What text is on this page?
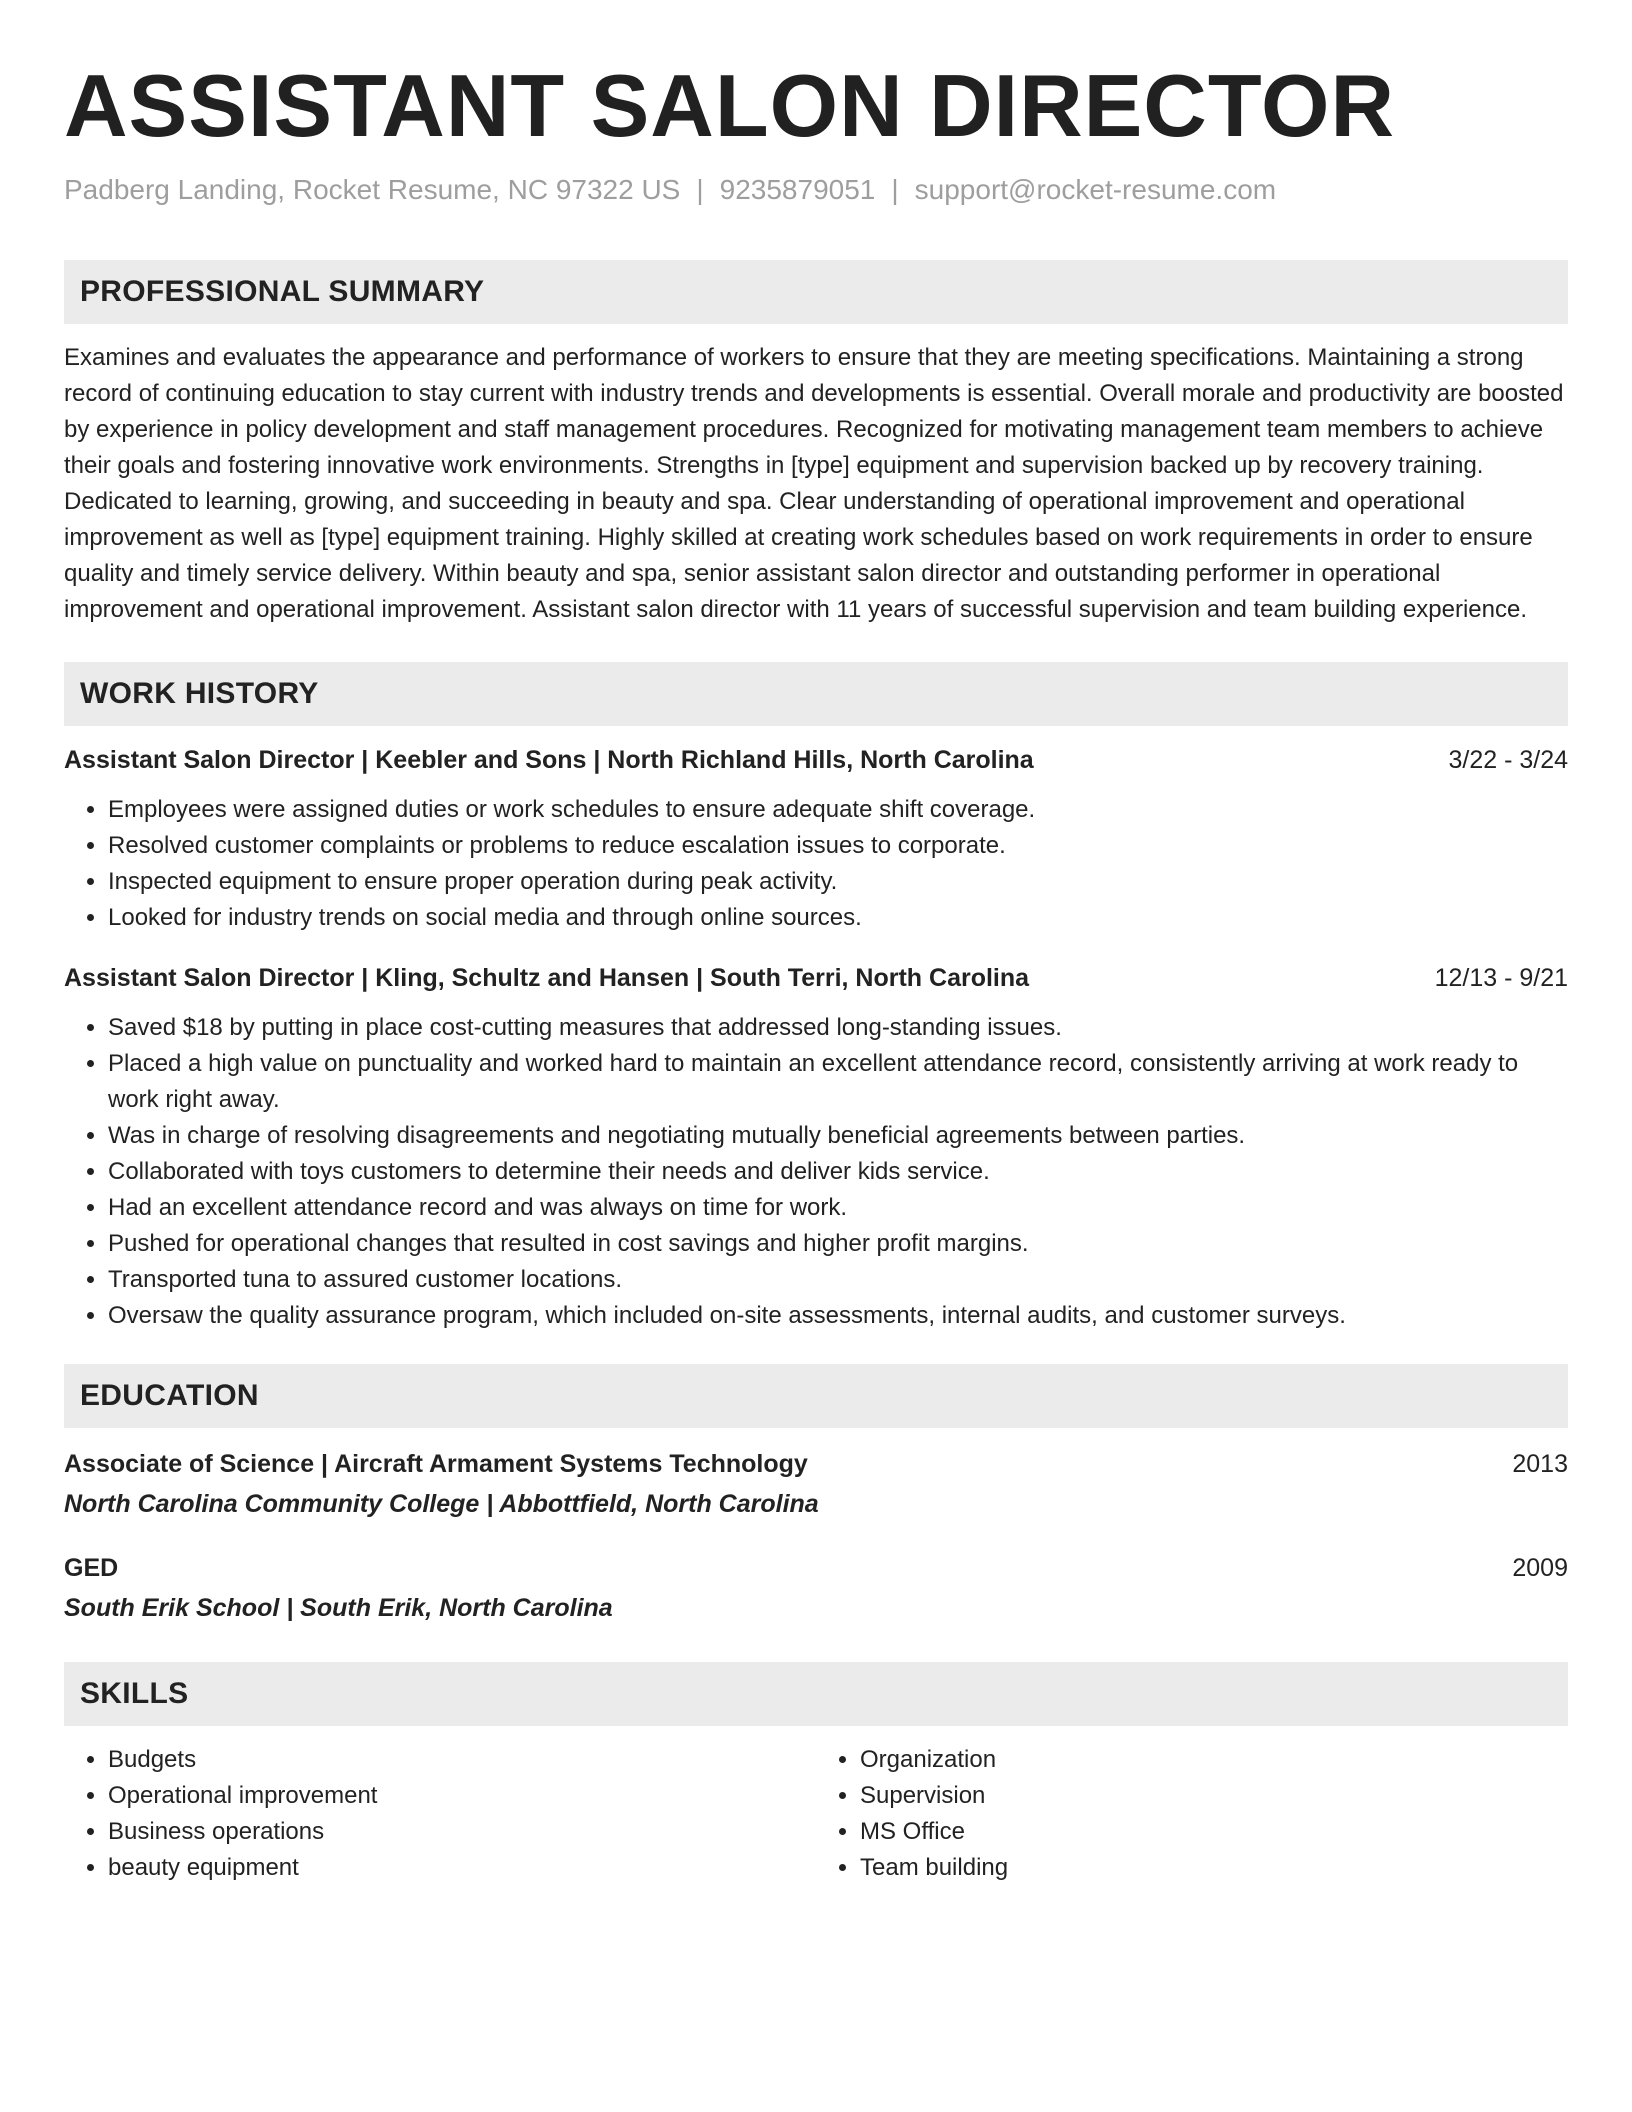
ASSISTANT SALON DIRECTOR
Padberg Landing, Rocket Resume, NC 97322 US | 9235879051 | support@rocket-resume.com
PROFESSIONAL SUMMARY
Examines and evaluates the appearance and performance of workers to ensure that they are meeting specifications. Maintaining a strong record of continuing education to stay current with industry trends and developments is essential. Overall morale and productivity are boosted by experience in policy development and staff management procedures. Recognized for motivating management team members to achieve their goals and fostering innovative work environments. Strengths in [type] equipment and supervision backed up by recovery training. Dedicated to learning, growing, and succeeding in beauty and spa. Clear understanding of operational improvement and operational improvement as well as [type] equipment training. Highly skilled at creating work schedules based on work requirements in order to ensure quality and timely service delivery. Within beauty and spa, senior assistant salon director and outstanding performer in operational improvement and operational improvement. Assistant salon director with 11 years of successful supervision and team building experience.
WORK HISTORY
Assistant Salon Director | Keebler and Sons | North Richland Hills, North Carolina	3/22 - 3/24
• Employees were assigned duties or work schedules to ensure adequate shift coverage.
• Resolved customer complaints or problems to reduce escalation issues to corporate.
• Inspected equipment to ensure proper operation during peak activity.
• Looked for industry trends on social media and through online sources.
Assistant Salon Director | Kling, Schultz and Hansen | South Terri, North Carolina	12/13 - 9/21
• Saved $18 by putting in place cost-cutting measures that addressed long-standing issues.
• Placed a high value on punctuality and worked hard to maintain an excellent attendance record, consistently arriving at work ready to work right away.
• Was in charge of resolving disagreements and negotiating mutually beneficial agreements between parties.
• Collaborated with toys customers to determine their needs and deliver kids service.
• Had an excellent attendance record and was always on time for work.
• Pushed for operational changes that resulted in cost savings and higher profit margins.
• Transported tuna to assured customer locations.
• Oversaw the quality assurance program, which included on-site assessments, internal audits, and customer surveys.
EDUCATION
Associate of Science | Aircraft Armament Systems Technology	2013
North Carolina Community College | Abbottfield, North Carolina
GED	2009
South Erik School | South Erik, North Carolina
SKILLS
• Budgets
• Operational improvement
• Business operations
• beauty equipment
• Organization
• Supervision
• MS Office
• Team building
